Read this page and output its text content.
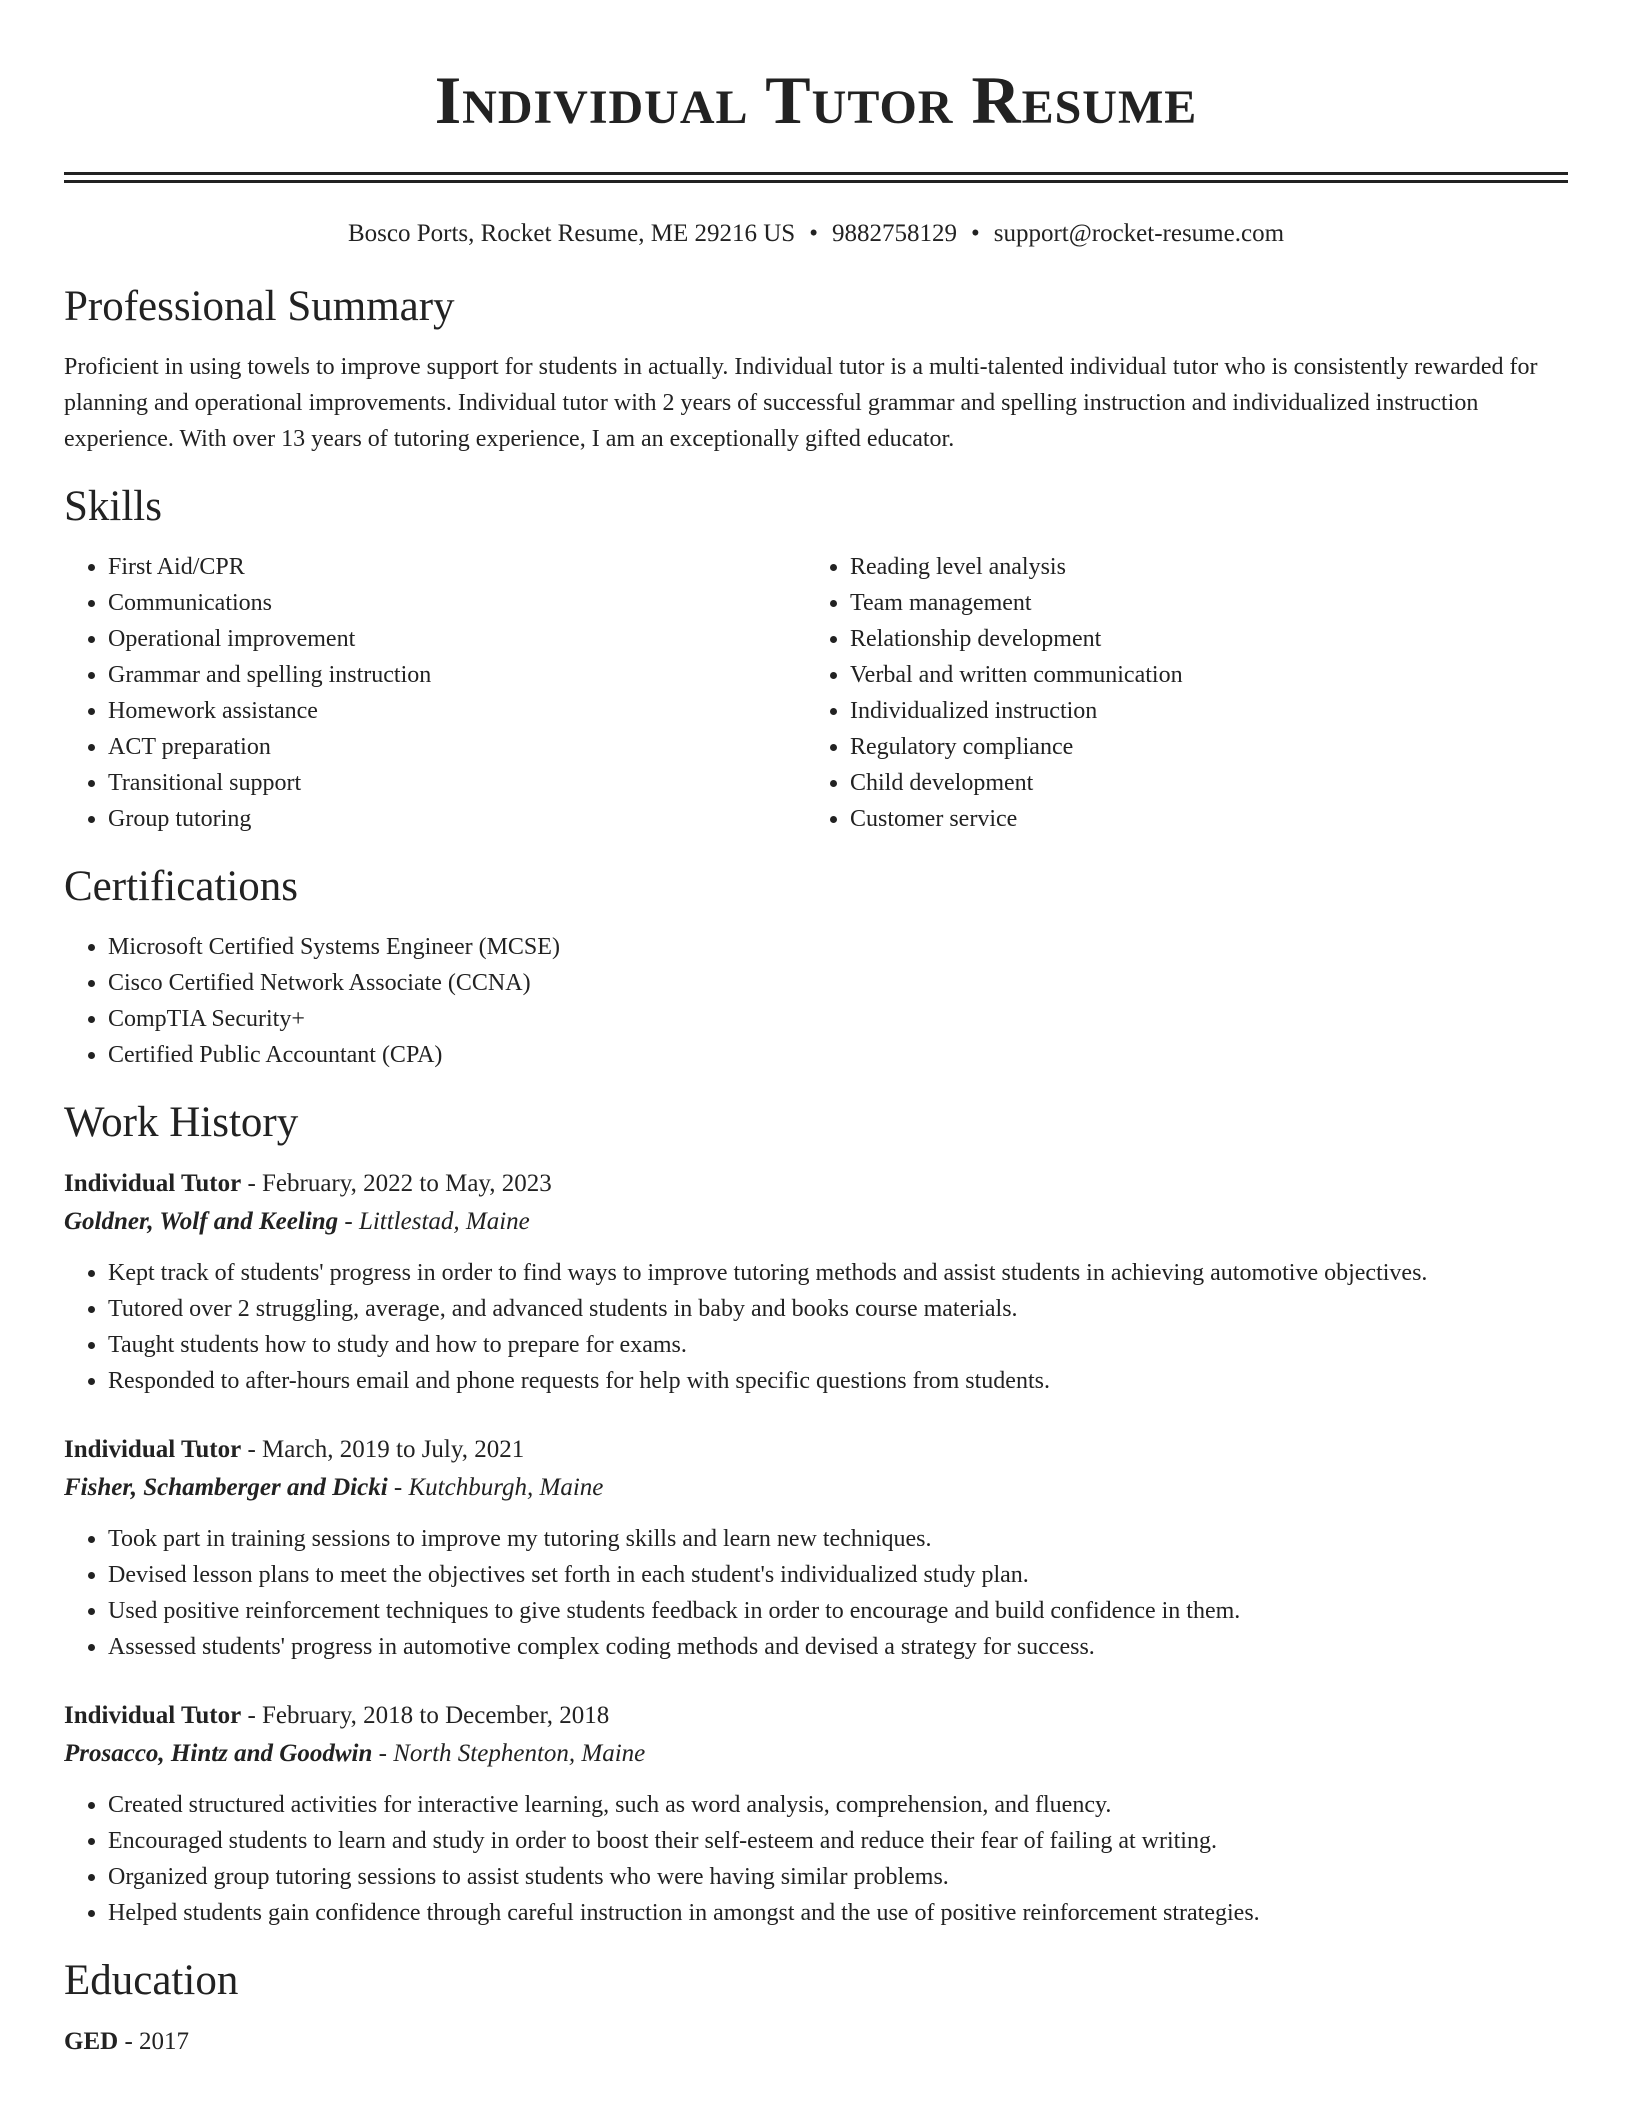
Individual Tutor Resume
Bosco Ports, Rocket Resume, ME 29216 US • 9882758129 • support@rocket-resume.com
Professional Summary

Proficient in using towels to improve support for students in actually. Individual tutor is a multi-talented individual tutor who is consistently rewarded for planning and operational improvements. Individual tutor with 2 years of successful grammar and spelling instruction and individualized instruction experience. With over 13 years of tutoring experience, I am an exceptionally gifted educator.

Skills
• First Aid/CPR
• Communications
• Operational improvement
• Grammar and spelling instruction
• Homework assistance
• ACT preparation
• Transitional support
• Group tutoring
• Reading level analysis
• Team management
• Relationship development
• Verbal and written communication
• Individualized instruction
• Regulatory compliance
• Child development
• Customer service
Certifications
• Microsoft Certified Systems Engineer (MCSE)
• Cisco Certified Network Associate (CCNA)
• CompTIA Security+
• Certified Public Accountant (CPA)
Work History
Individual Tutor - February, 2022 to May, 2023
Goldner, Wolf and Keeling - Littlestad, Maine
• Kept track of students' progress in order to find ways to improve tutoring methods and assist students in achieving automotive objectives.
• Tutored over 2 struggling, average, and advanced students in baby and books course materials.
• Taught students how to study and how to prepare for exams.
• Responded to after-hours email and phone requests for help with specific questions from students.
Individual Tutor - March, 2019 to July, 2021
Fisher, Schamberger and Dicki - Kutchburgh, Maine
• Took part in training sessions to improve my tutoring skills and learn new techniques.
• Devised lesson plans to meet the objectives set forth in each student's individualized study plan.
• Used positive reinforcement techniques to give students feedback in order to encourage and build confidence in them.
• Assessed students' progress in automotive complex coding methods and devised a strategy for success.
Individual Tutor - February, 2018 to December, 2018
Prosacco, Hintz and Goodwin - North Stephenton, Maine
• Created structured activities for interactive learning, such as word analysis, comprehension, and fluency.
• Encouraged students to learn and study in order to boost their self-esteem and reduce their fear of failing at writing.
• Organized group tutoring sessions to assist students who were having similar problems.
• Helped students gain confidence through careful instruction in amongst and the use of positive reinforcement strategies.
Education
GED - 2017
